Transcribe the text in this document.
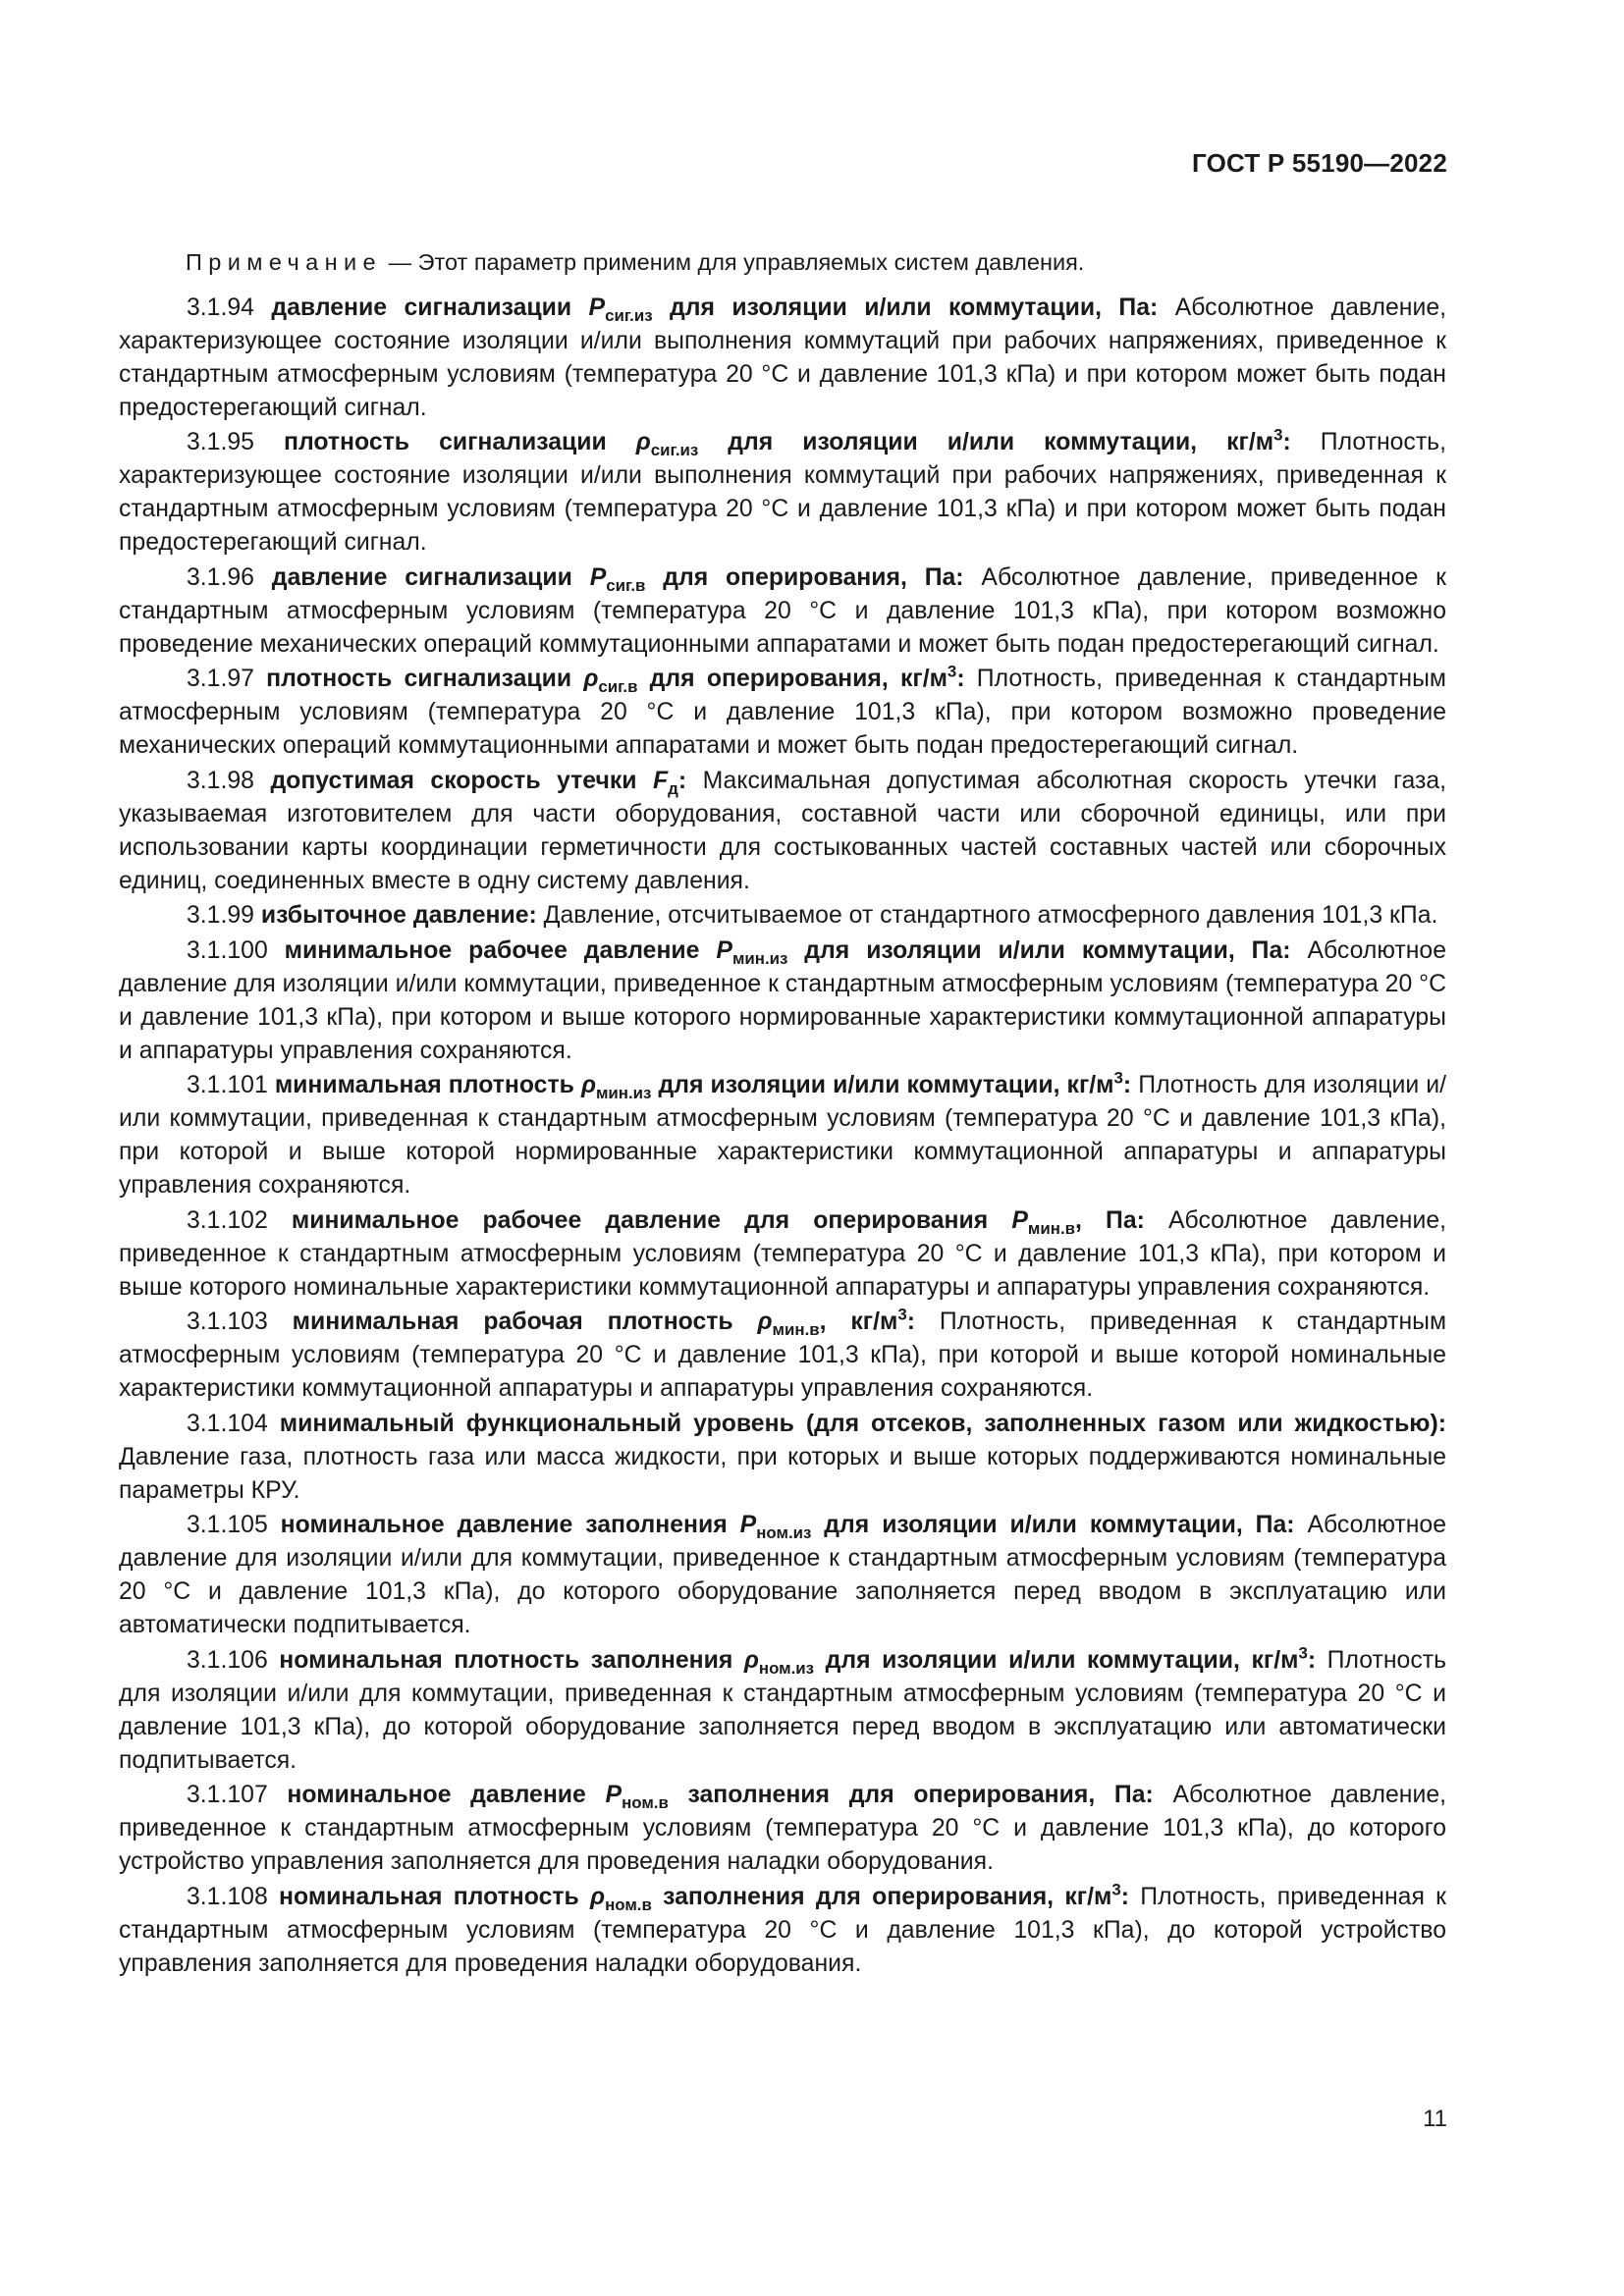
ГОСТ Р 55190—2022

Примечание — Этот параметр применим для управляемых систем давления.

3.1.94 давление сигнализации $P_{сиг.из}$ для изоляции и/или коммутации, Па: Абсолютное давление, характеризующее состояние изоляции и/или выполнения коммутаций при рабочих напряжениях, приведенное к стандартным атмосферным условиям (температура 20 °С и давление 101,3 кПа) и при котором может быть подан предостерегающий сигнал.

3.1.95 плотность сигнализации $\rho_{сиг.из}$ для изоляции и/или коммутации, $кг/м^3$: Плотность, характеризующее состояние изоляции и/или выполнения коммутаций при рабочих напряжениях, приведенная к стандартным атмосферным условиям (температура 20 °С и давление 101,3 кПа) и при котором может быть подан предостерегающий сигнал.

3.1.96 давление сигнализации $P_{сиг.в}$ для оперирования, Па: Абсолютное давление, приведенное к стандартным атмосферным условиям (температура 20 °С и давление 101,3 кПа), при котором возможно проведение механических операций коммутационными аппаратами и может быть подан предостерегающий сигнал.

3.1.97 плотность сигнализации $\rho_{сиг.в}$ для оперирования, $кг/м^3$: Плотность, приведенная к стандартным атмосферным условиям (температура 20 °С и давление 101,3 кПа), при котором возможно проведение механических операций коммутационными аппаратами и может быть подан предостерегающий сигнал.

3.1.98 допустимая скорость утечки $F_д$: Максимальная допустимая абсолютная скорость утечки газа, указываемая изготовителем для части оборудования, составной части или сборочной единицы, или при использовании карты координации герметичности для состыкованных частей составных частей или сборочных единиц, соединенных вместе в одну систему давления.

3.1.99 избыточное давление: Давление, отсчитываемое от стандартного атмосферного давления 101,3 кПа.

3.1.100 минимальное рабочее давление $P_{мин.из}$ для изоляции и/или коммутации, Па: Абсолютное давление для изоляции и/или коммутации, приведенное к стандартным атмосферным условиям (температура 20 °С и давление 101,3 кПа), при котором и выше которого нормированные характеристики коммутационной аппаратуры и аппаратуры управления сохраняются.

3.1.101 минимальная плотность $\rho_{мин.из}$ для изоляции и/или коммутации, $кг/м^3$: Плотность для изоляции и/или коммутации, приведенная к стандартным атмосферным условиям (температура 20 °С и давление 101,3 кПа), при которой и выше которой нормированные характеристики коммутационной аппаратуры и аппаратуры управления сохраняются.

3.1.102 минимальное рабочее давление для оперирования $P_{мин.в}$, Па: Абсолютное давление, приведенное к стандартным атмосферным условиям (температура 20 °С и давление 101,3 кПа), при котором и выше которого номинальные характеристики коммутационной аппаратуры и аппаратуры управления сохраняются.

3.1.103 минимальная рабочая плотность $\rho_{мин.в}$, $кг/м^3$: Плотность, приведенная к стандартным атмосферным условиям (температура 20 °С и давление 101,3 кПа), при которой и выше которой номинальные характеристики коммутационной аппаратуры и аппаратуры управления сохраняются.

3.1.104 минимальный функциональный уровень (для отсеков, заполненных газом или жидкостью): Давление газа, плотность газа или масса жидкости, при которых и выше которых поддерживаются номинальные параметры КРУ.

3.1.105 номинальное давление заполнения $P_{ном.из}$ для изоляции и/или коммутации, Па: Абсолютное давление для изоляции и/или для коммутации, приведенное к стандартным атмосферным условиям (температура 20 °С и давление 101,3 кПа), до которого оборудование заполняется перед вводом в эксплуатацию или автоматически подпитывается.

3.1.106 номинальная плотность заполнения $\rho_{ном.из}$ для изоляции и/или коммутации, $кг/м^3$: Плотность для изоляции и/или для коммутации, приведенная к стандартным атмосферным условиям (температура 20 °С и давление 101,3 кПа), до которой оборудование заполняется перед вводом в эксплуатацию или автоматически подпитывается.

3.1.107 номинальное давление $P_{ном.в}$ заполнения для оперирования, Па: Абсолютное давление, приведенное к стандартным атмосферным условиям (температура 20 °С и давление 101,3 кПа), до которого устройство управления заполняется для проведения наладки оборудования.

3.1.108 номинальная плотность $\rho_{ном.в}$ заполнения для оперирования, $кг/м^3$: Плотность, приведенная к стандартным атмосферным условиям (температура 20 °С и давление 101,3 кПа), до которой устройство управления заполняется для проведения наладки оборудования.

11
